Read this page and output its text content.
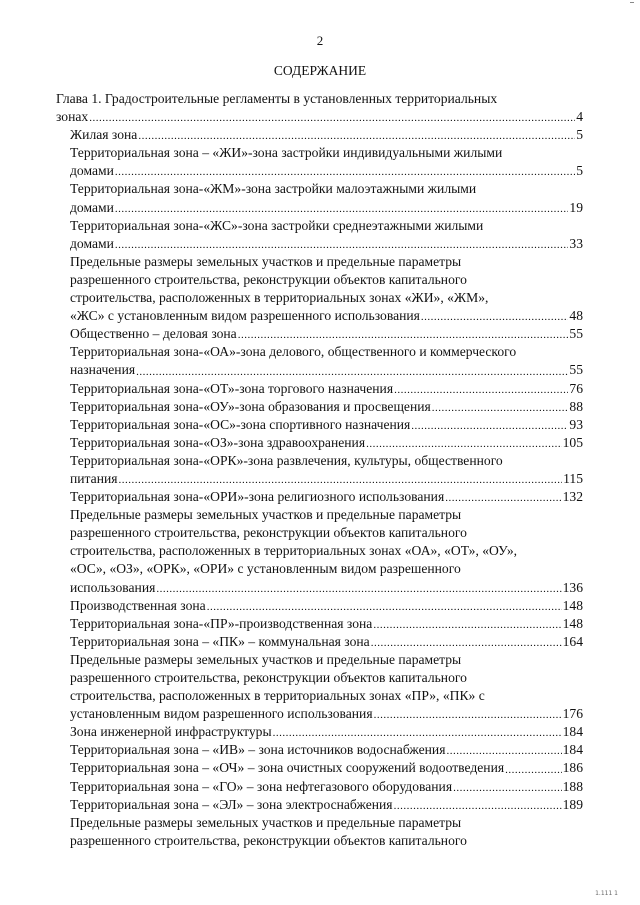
2
СОДЕРЖАНИЕ
Глава 1. Градостроительные регламенты в установленных территориальных
зонах .....	4
Жилая зона .....	5
Территориальная зона – «ЖИ»-зона застройки индивидуальными жилыми
домами .....	5
Территориальная зона-«ЖМ»-зона застройки малоэтажными жилыми
домами .....	19
Территориальная зона-«ЖС»-зона застройки среднеэтажными жилыми
домами .....	33
Предельные размеры земельных участков и предельные параметры
разрешенного строительства, реконструкции объектов капитального
строительства, расположенных в территориальных зонах «ЖИ», «ЖМ»,
«ЖС» с установленным видом разрешенного использования .....	48
Общественно – деловая зона .....	55
Территориальная зона-«ОА»-зона делового, общественного и коммерческого
назначения .....	55
Территориальная зона-«ОТ»-зона торгового назначения .....	76
Территориальная зона-«ОУ»-зона образования и просвещения .....	88
Территориальная зона-«ОС»-зона спортивного назначения .....	93
Территориальная зона-«ОЗ»-зона здравоохранения .....	105
Территориальная зона-«ОРК»-зона развлечения, культуры, общественного
питания .....	115
Территориальная зона-«ОРИ»-зона религиозного использования .....	132
Предельные размеры земельных участков и предельные параметры
разрешенного строительства, реконструкции объектов капитального
строительства, расположенных в территориальных зонах «ОА», «ОТ», «ОУ»,
«ОС», «ОЗ», «ОРК», «ОРИ» с установленным видом разрешенного
использования .....	136
Производственная зона .....	148
Территориальная зона-«ПР»-производственная зона .....	148
Территориальная зона – «ПК» – коммунальная зона .....	164
Предельные размеры земельных участков и предельные параметры
разрешенного строительства, реконструкции объектов капитального
строительства, расположенных в территориальных зонах «ПР», «ПК» с
установленным видом разрешенного использования .....	176
Зона инженерной инфраструктуры .....	184
Территориальная зона – «ИВ» – зона источников водоснабжения .....	184
Территориальная зона – «ОЧ» – зона очистных сооружений водоотведения .....	186
Территориальная зона – «ГО» – зона нефтегазового оборудования .....	188
Территориальная зона – «ЭЛ» – зона электроснабжения .....	189
Предельные размеры земельных участков и предельные параметры
разрешенного строительства, реконструкции объектов капитального
1.111 1
